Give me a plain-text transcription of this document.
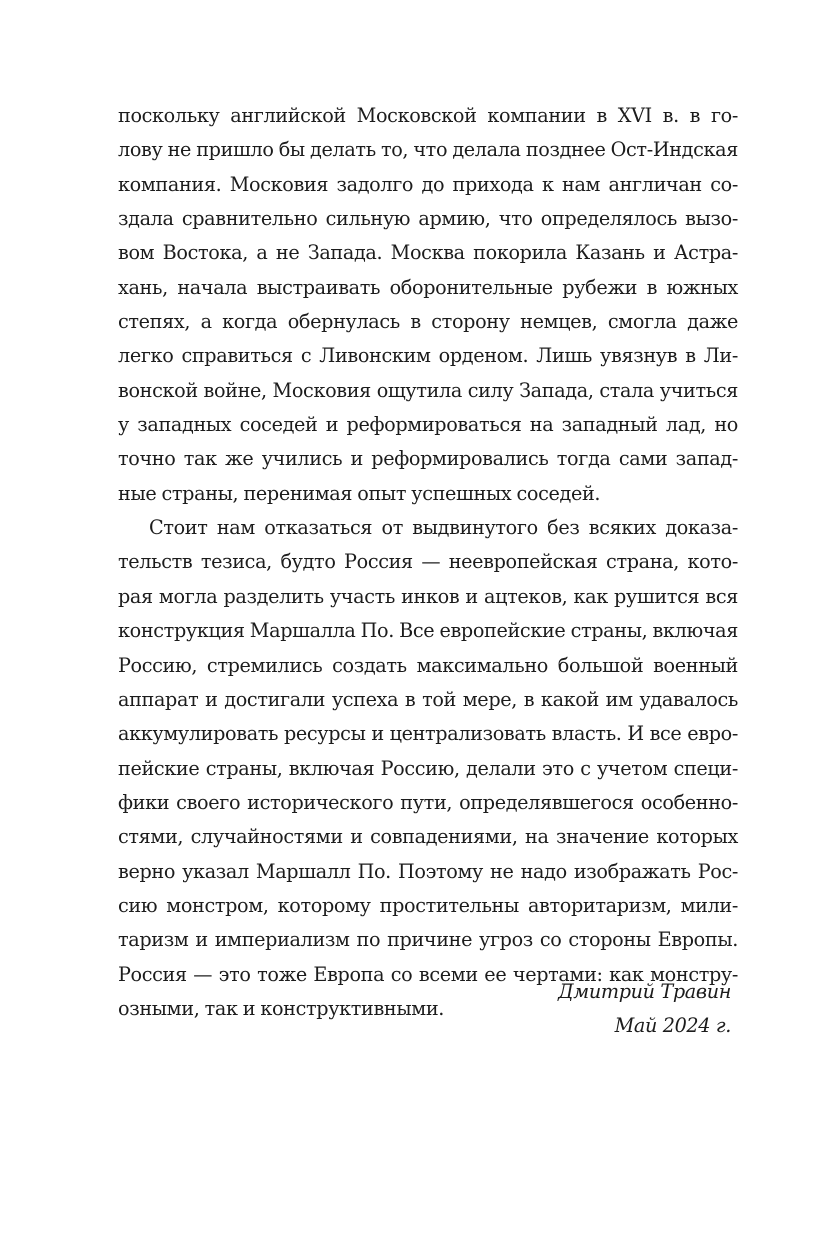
поскольку английской Московской компании в XVI в. в го-
лову не пришло бы делать то, что делала позднее Ост-Индская
компания. Московия задолго до прихода к нам англичан со-
здала сравнительно сильную армию, что определялось вызо-
вом Востока, а не Запада. Москва покорила Казань и Астра-
хань, начала выстраивать оборонительные рубежи в южных
степях, а когда обернулась в сторону немцев, смогла даже
легко справиться с Ливонским орденом. Лишь увязнув в Ли-
вонской войне, Московия ощутила силу Запада, стала учиться
у западных соседей и реформироваться на западный лад, но
точно так же учились и реформировались тогда сами запад-
ные страны, перенимая опыт успешных соседей.
Стоит нам отказаться от выдвинутого без всяких доказа-
тельств тезиса, будто Россия — неевропейская страна, кото-
рая могла разделить участь инков и ацтеков, как рушится вся
конструкция Маршалла По. Все европейские страны, включая
Россию, стремились создать максимально большой военный
аппарат и достигали успеха в той мере, в какой им удавалось
аккумулировать ресурсы и централизовать власть. И все евро-
пейские страны, включая Россию, делали это с учетом специ-
фики своего исторического пути, определявшегося особенно-
стями, случайностями и совпадениями, на значение которых
верно указал Маршалл По. Поэтому не надо изображать Рос-
сию монстром, которому простительны авторитаризм, мили-
таризм и империализм по причине угроз со стороны Европы.
Россия — это тоже Европа со всеми ее чертами: как монстру-
озными, так и конструктивными.
Дмитрий Травин
Май 2024 г.
